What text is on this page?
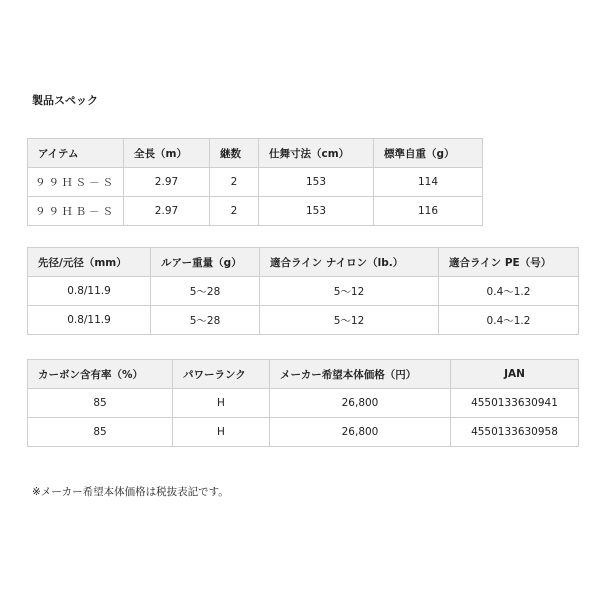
製品スペック
アイテム	全長（m）	継数	仕舞寸法（cm）	標準自重（g）
９９ＨＳ－Ｓ	2.97	2	153	114
９９ＨＢ－Ｓ	2.97	2	153	116
先径/元径（mm）	ルアー重量（g）	適合ライン ナイロン（lb.）	適合ライン PE（号）
0.8/11.9	5～28	5～12	0.4～1.2
0.8/11.9	5～28	5～12	0.4～1.2
カーボン含有率（%）	パワーランク	メーカー希望本体価格（円）	JAN
85	H	26,800	4550133630941
85	H	26,800	4550133630958
※メーカー希望本体価格は税抜表記です。
